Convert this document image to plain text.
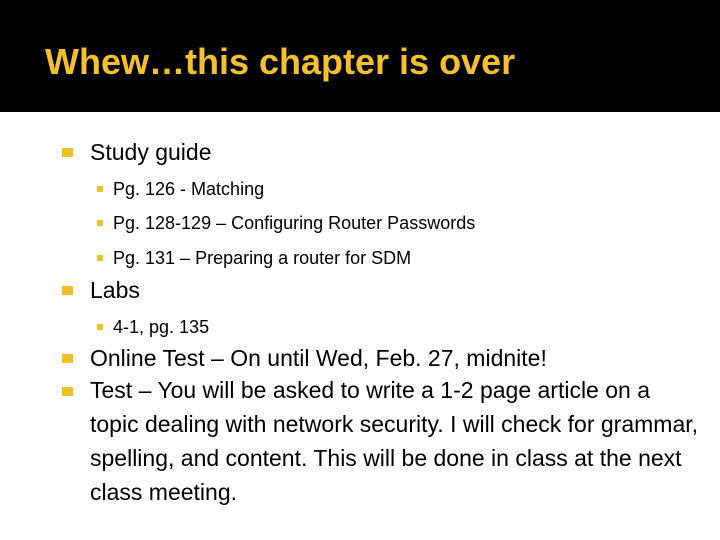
Whew…this chapter is over
Study guide
Pg. 126 - Matching
Pg. 128-129 – Configuring Router Passwords
Pg. 131 – Preparing a router for SDM
Labs
4-1, pg. 135
Online Test – On until Wed, Feb. 27, midnite!
Test – You will be asked to write a 1-2 page article on a topic dealing with network security. I will check for grammar, spelling, and content. This will be done in class at the next class meeting.
